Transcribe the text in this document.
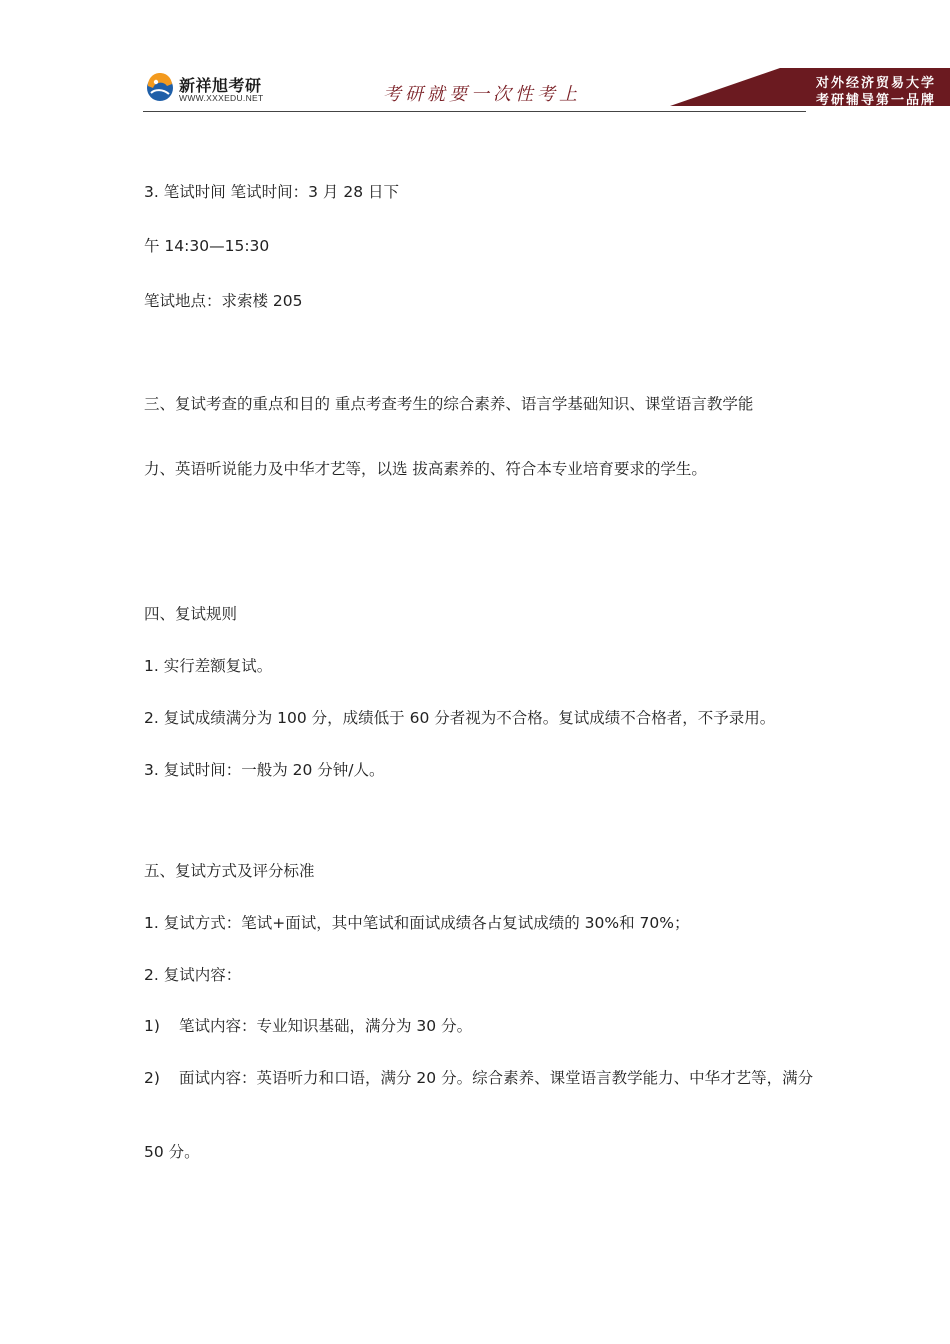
新祥旭考研
WWW.XXXEDU.NET	考研就要一次性考上
对外经济贸易大学
考研辅导第一品牌
3. 笔试时间 笔试时间：3 月 28 日下
午 14:30—15:30
笔试地点：求索楼 205
三、复试考查的重点和目的 重点考查考生的综合素养、语言学基础知识、课堂语言教学能
力、英语听说能力及中华才艺等，以选 拔高素养的、符合本专业培育要求的学生。
四、复试规则
1. 实行差额复试。
2. 复试成绩满分为 100 分，成绩低于 60 分者视为不合格。复试成绩不合格者，不予录用。
3. 复试时间：一般为 20 分钟/人。
五、复试方式及评分标准
1. 复试方式：笔试+面试，其中笔试和面试成绩各占复试成绩的 30%和 70%；
2. 复试内容：
1) 笔试内容：专业知识基础，满分为 30 分。
2) 面试内容：英语听力和口语，满分 20 分。综合素养、课堂语言教学能力、中华才艺等，满分
50 分。
